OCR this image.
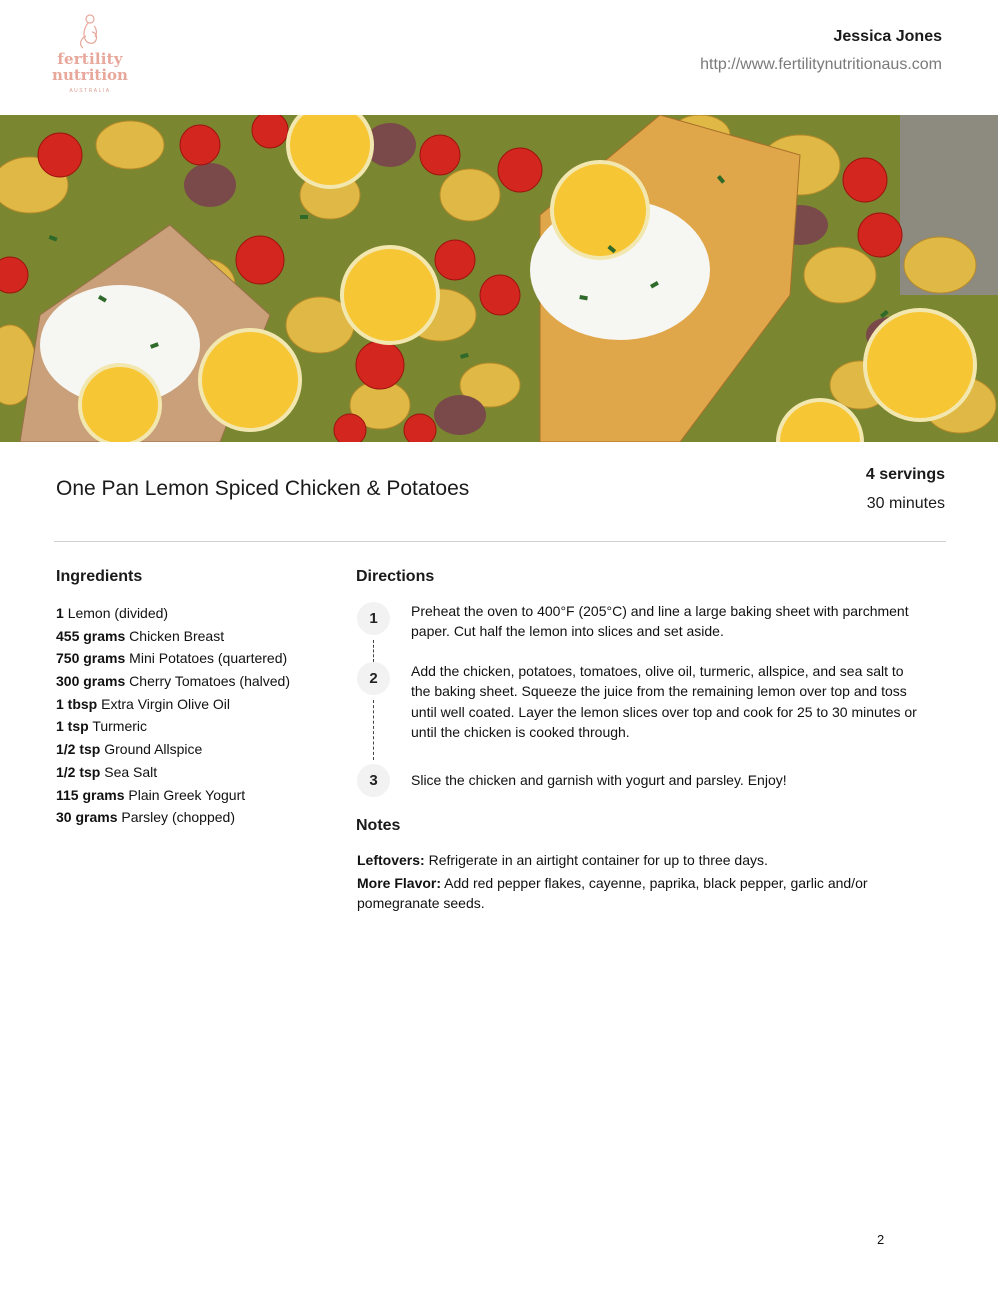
fertility
nutrition
AUSTRALIA
Jessica Jones
http://www.fertilitynutritionaus.com
One Pan Lemon Spiced Chicken & Potatoes
4 servings
30 minutes
Ingredients
1 Lemon (divided)
455 grams Chicken Breast
750 grams Mini Potatoes (quartered)
300 grams Cherry Tomatoes (halved)
1 tbsp Extra Virgin Olive Oil
1 tsp Turmeric
1/2 tsp Ground Allspice
1/2 tsp Sea Salt
115 grams Plain Greek Yogurt
30 grams Parsley (chopped)
Directions
1	Preheat the oven to 400°F (205°C) and line a large baking sheet with parchment paper. Cut half the lemon into slices and set aside.
2	Add the chicken, potatoes, tomatoes, olive oil, turmeric, allspice, and sea salt to the baking sheet. Squeeze the juice from the remaining lemon over top and toss until well coated. Layer the lemon slices over top and cook for 25 to 30 minutes or until the chicken is cooked through.
3	Slice the chicken and garnish with yogurt and parsley. Enjoy!
Notes

Leftovers: Refrigerate in an airtight container for up to three days.

More Flavor: Add red pepper flakes, cayenne, paprika, black pepper, garlic and/or pomegranate seeds.

2
